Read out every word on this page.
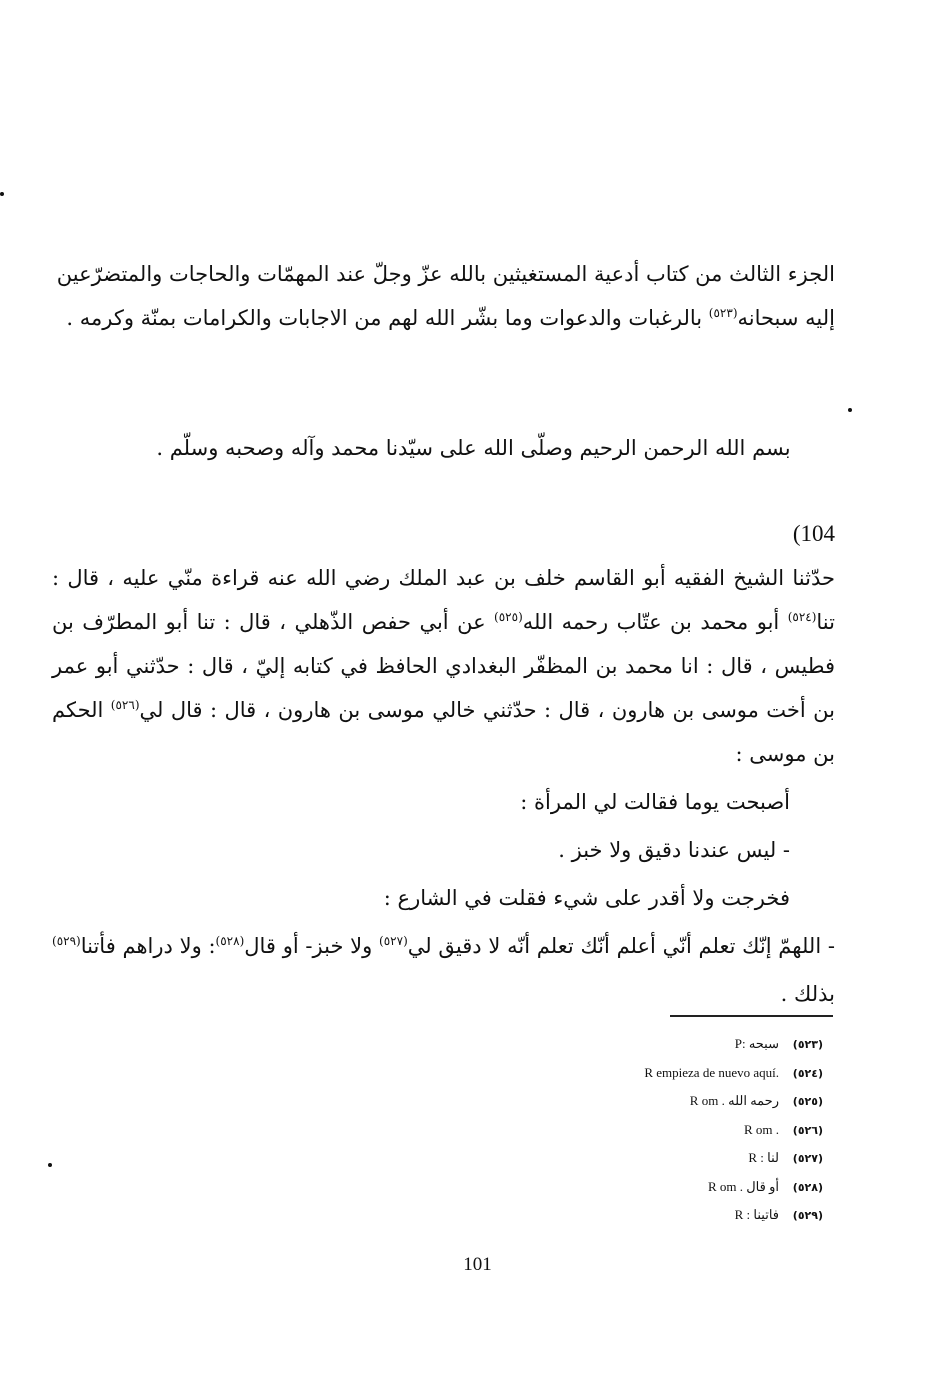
الجزء الثالث من كتاب أدعية المستغيثين بالله عزّ وجلّ عند المهمّات والحاجات والمتضرّعين إليه سبحانه$^{(٥٢٣)}$ بالرغبات والدعوات وما بشّر الله لهم من الاجابات والكرامات بمنّة وكرمه .
بسم الله الرحمن الرحيم وصلّى الله على سيّدنا محمد وآله وصحبه وسلّم .
(104

حدّثنا الشيخ الفقيه أبو القاسم خلف بن عبد الملك رضي الله عنه قراءة منّي عليه ، قال : تنا$^{(٥٢٤)}$ أبو محمد بن عتّاب رحمه الله$^{(٥٢٥)}$ عن أبي حفص الذّهلي ، قال : تنا أبو المطرّف بن فطيس ، قال : انا محمد بن المظفّر البغدادي الحافظ في كتابه إليّ ، قال : حدّثني أبو عمر بن أخت موسى بن هارون ، قال : حدّثني خالي موسى بن هارون ، قال : قال لي$^{(٥٢٦)}$ الحكم بن موسى :

أصبحت يوما فقالت لي المرأة :

- ليس عندنا دقيق ولا خبز .

فخرجت ولا أقدر على شيء فقلت في الشارع :

- اللهمّ إنّك تعلم أنّي أعلم أنّك تعلم أنّه لا دقيق لي$^{(٥٢٧)}$ ولا خبز- أو قال$^{(٥٢٨)}$: ولا دراهم فأتنا$^{(٥٢٩)}$ بذلك .

P: سبحه (٥٢٣)
R empieza de nuevo aquí. (٥٢٤)
R om . رحمه الله (٥٢٥)
R om . (٥٢٦)
R : لنا (٥٢٧)
R om . أو قال (٥٢٨)
R : فاتينا (٥٢٩)
101
